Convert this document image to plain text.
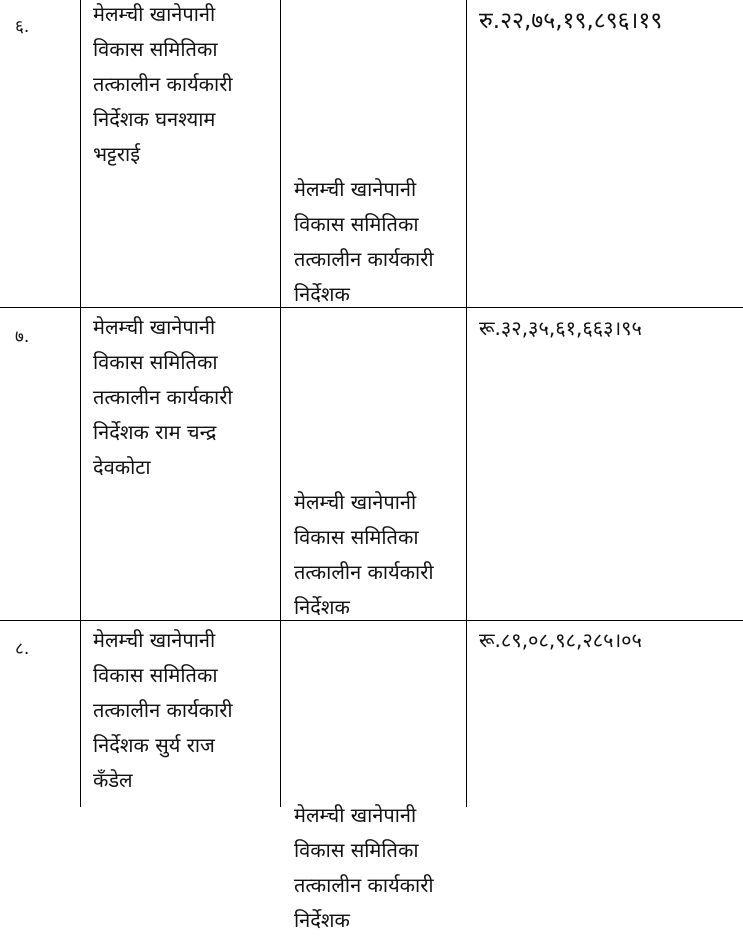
६.
मेलम्ची खानेपानी
विकास समितिका
तत्कालीन कार्यकारी
निर्देशक घनश्याम
भट्टराई
मेलम्ची खानेपानी
विकास समितिका
तत्कालीन कार्यकारी
निर्देशक
रु.२२,७५,१९,८९६।१९
७.	मेलम्ची खानेपानी
विकास समितिका
तत्कालीन कार्यकारी
निर्देशक राम चन्द्र
देवकोटा
मेलम्ची खानेपानी
विकास समितिका
तत्कालीन कार्यकारी
निर्देशक
रू.३२,३५,६१,६६३।९५
८.	मेलम्ची खानेपानी
विकास समितिका
तत्कालीन कार्यकारी
निर्देशक सुर्य राज
कँडेल
मेलम्ची खानेपानी
विकास समितिका
तत्कालीन कार्यकारी
निर्देशक
रू.८९,०८,९८,२८५।०५
